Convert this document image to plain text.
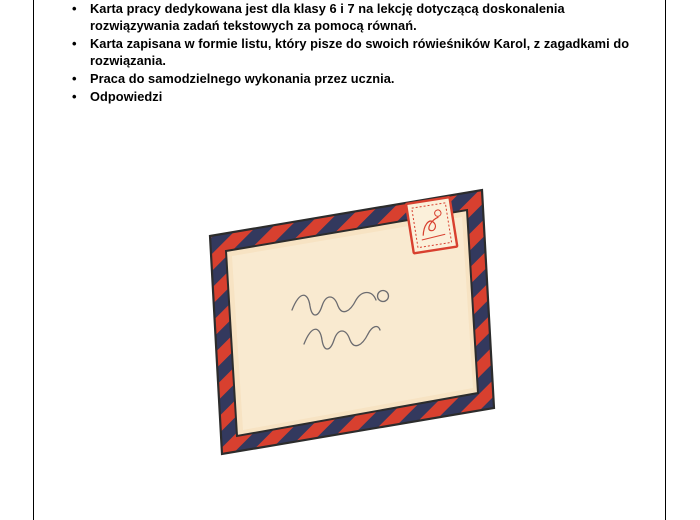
• Karta pracy dedykowana jest dla klasy 6 i 7 na lekcję dotyczącą doskonalenia rozwiązywania zadań tekstowych za pomocą równań.
• Karta zapisana w formie listu, który pisze do swoich rówieśników Karol, z zagadkami do rozwiązania.
• Praca do samodzielnego wykonania przez ucznia.
• Odpowiedzi
